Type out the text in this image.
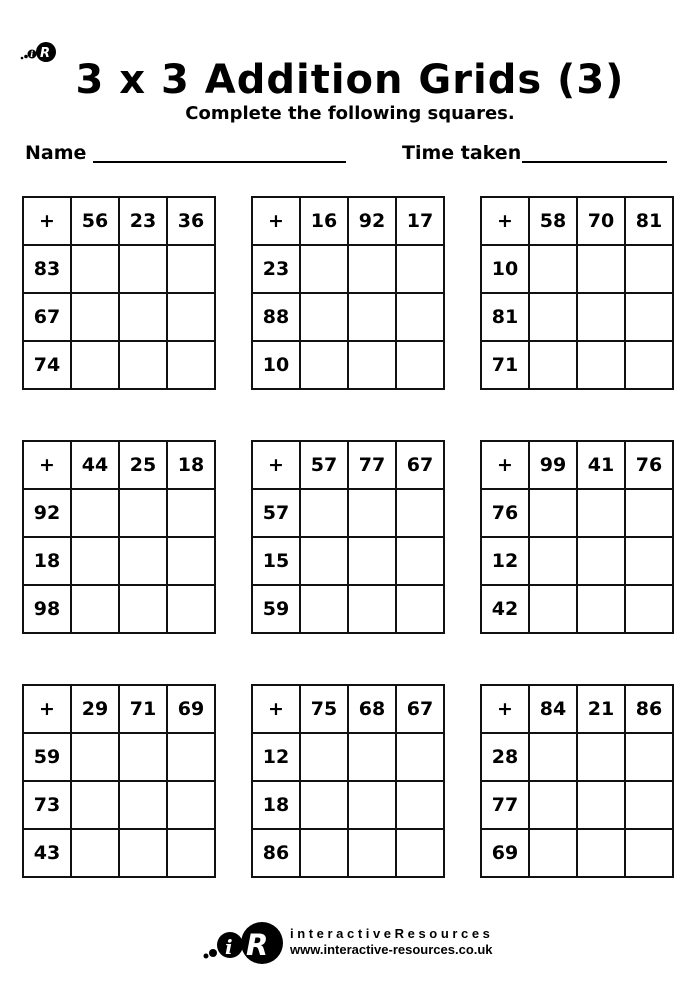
i R
3 x 3 Addition Grids (3)
Complete the following squares.
Name	Time taken
+	56	23	36
83			
67			
74			
+	16	92	17
23			
88			
10			
+	58	70	81
10			
81			
71			
+	44	25	18
92			
18			
98			
+	57	77	67
57			
15			
59			
+	99	41	76
76			
12			
42			
+	29	71	69
59			
73			
43			
+	75	68	67
12			
18			
86			
+	84	21	86
28			
77			
69			
i R interactiveResources
www.interactive-resources.co.uk
